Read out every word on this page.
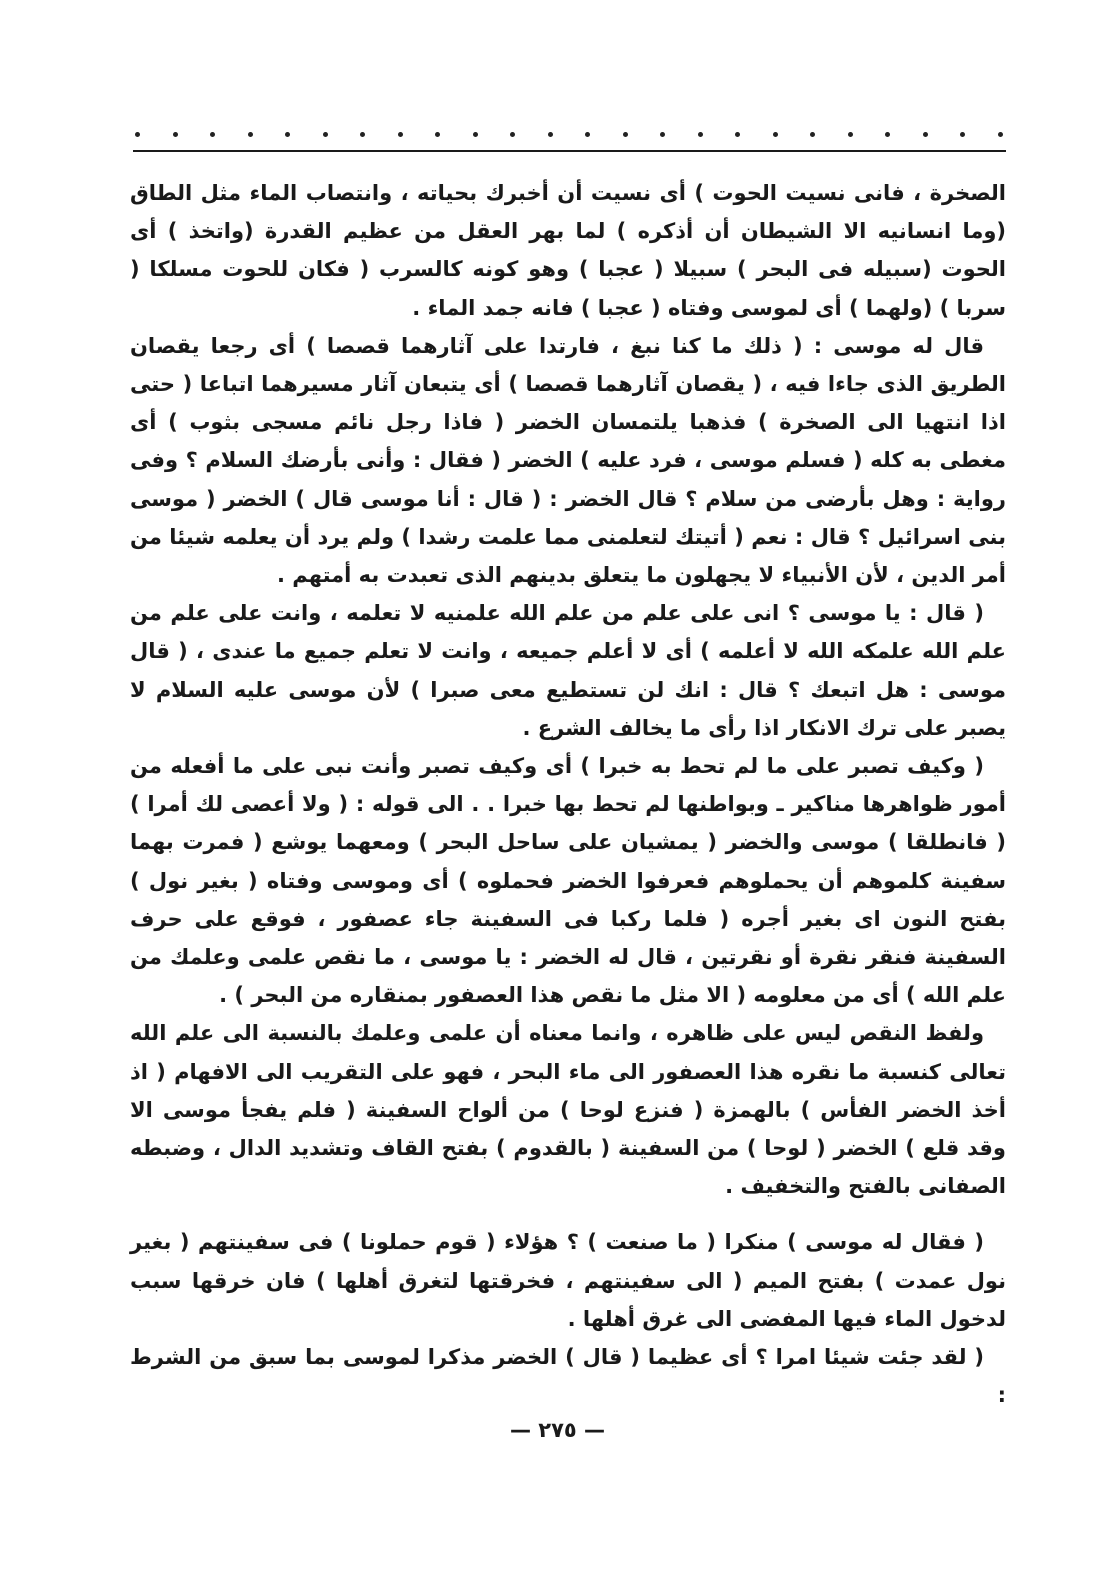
الصخرة ، فانى نسيت الحوت ) أى نسيت أن أخبرك بحياته ، وانتصاب الماء مثل الطاق (وما انسانيه الا الشيطان أن أذكره ) لما بهر العقل من عظيم القدرة (واتخذ ) أى الحوت (سبيله فى البحر ) سبيلا ( عجبا ) وهو كونه كالسرب ( فكان للحوت مسلكا ( سربا ) (ولهما ) أى لموسى وفتاه ( عجبا ) فانه جمد الماء .

قال له موسى : ( ذلك ما كنا نبغ ، فارتدا على آثارهما قصصا ) أى رجعا يقصان الطريق الذى جاءا فيه ، ( يقصان آثارهما قصصا ) أى يتبعان آثار مسيرهما اتباعا ( حتى اذا انتهيا الى الصخرة ) فذهبا يلتمسان الخضر ( فاذا رجل نائم مسجى بثوب ) أى مغطى به كله ( فسلم موسى ، فرد عليه ) الخضر ( فقال : وأنى بأرضك السلام ؟ وفى رواية : وهل بأرضى من سلام ؟ قال الخضر : ( قال : أنا موسى قال ) الخضر ( موسى بنى اسرائيل ؟ قال : نعم ( أتيتك لتعلمنى مما علمت رشدا ) ولم يرد أن يعلمه شيئا من أمر الدين ، لأن الأنبياء لا يجهلون ما يتعلق بدينهم الذى تعبدت به أمتهم .

( قال : يا موسى ؟ انى على علم من علم الله علمنيه لا تعلمه ، وانت على علم من علم الله علمكه الله لا أعلمه ) أى لا أعلم جميعه ، وانت لا تعلم جميع ما عندى ، ( قال موسى : هل اتبعك ؟ قال : انك لن تستطيع معى صبرا ) لأن موسى عليه السلام لا يصبر على ترك الانكار اذا رأى ما يخالف الشرع .

( وكيف تصبر على ما لم تحط به خبرا ) أى وكيف تصبر وأنت نبى على ما أفعله من أمور ظواهرها مناكير ـ وبواطنها لم تحط بها خبرا . . الى قوله : ( ولا أعصى لك أمرا ) ( فانطلقا ) موسى والخضر ( يمشيان على ساحل البحر ) ومعهما يوشع ( فمرت بهما سفينة كلموهم أن يحملوهم فعرفوا الخضر فحملوه ) أى وموسى وفتاه ( بغير نول ) بفتح النون اى بغير أجره ( فلما ركبا فى السفينة جاء عصفور ، فوقع على حرف السفينة فنقر نقرة أو نقرتين ، قال له الخضر : يا موسى ، ما نقص علمى وعلمك من علم الله ) أى من معلومه ( الا مثل ما نقص هذا العصفور بمنقاره من البحر ) .

ولفظ النقص ليس على ظاهره ، وانما معناه أن علمى وعلمك بالنسبة الى علم الله تعالى كنسبة ما نقره هذا العصفور الى ماء البحر ، فهو على التقريب الى الافهام ( اذ أخذ الخضر الفأس ) بالهمزة ( فنزع لوحا ) من ألواح السفينة ( فلم يفجأ موسى الا وقد قلع ) الخضر ( لوحا ) من السفينة ( بالقدوم ) بفتح القاف وتشديد الدال ، وضبطه الصفانى بالفتح والتخفيف .

( فقال له موسى ) منكرا ( ما صنعت ) ؟ هؤلاء ( قوم حملونا ) فى سفينتهم ( بغير نول عمدت ) بفتح الميم ( الى سفينتهم ، فخرقتها لتغرق أهلها ) فان خرقها سبب لدخول الماء فيها المفضى الى غرق أهلها .

( لقد جئت شيئا امرا ؟ أى عظيما ( قال ) الخضر مذكرا لموسى بما سبق من الشرط :

— ٢٧٥ —
